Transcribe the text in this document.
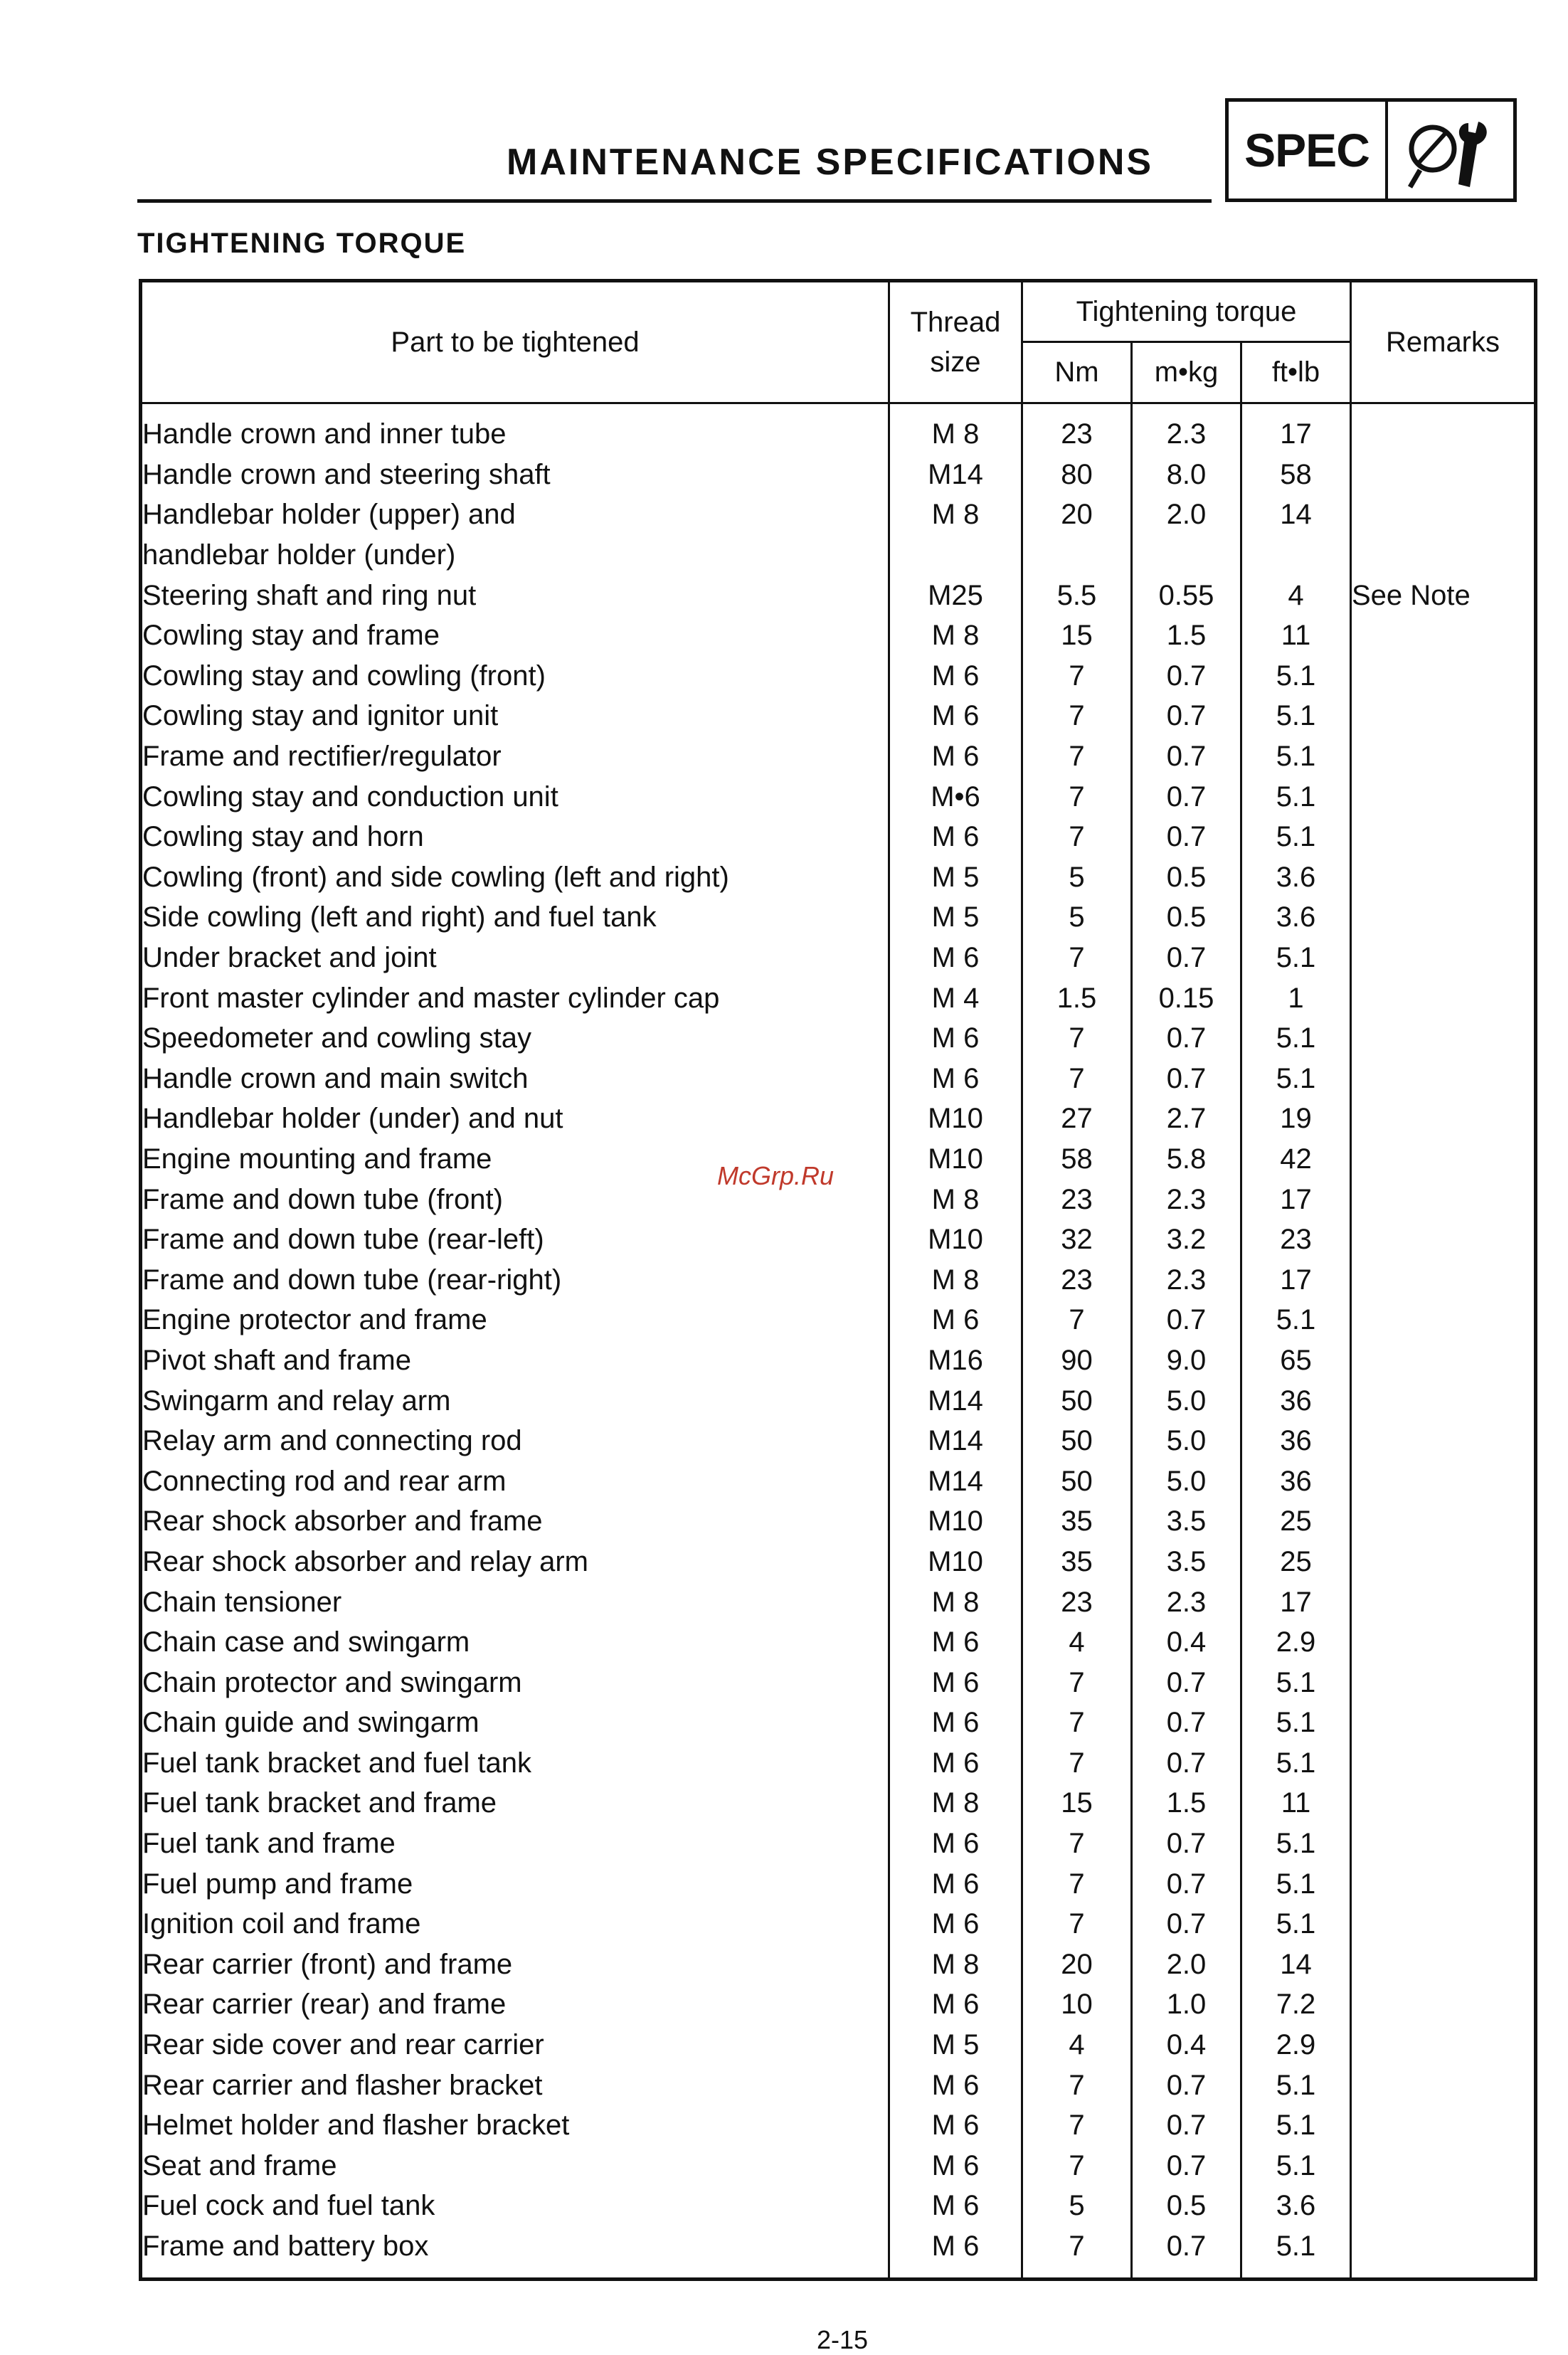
MAINTENANCE SPECIFICATIONS	SPEC
TIGHTENING TORQUE
Part to be tightened	Thread size	Tightening torque			Remarks
		Nm	m•kg	ft•lb	
Handle crown and inner tube	M 8	23	2.3	17	
Handle crown and steering shaft	M14	80	8.0	58	
Handlebar holder (upper) and	M 8	20	2.0	14	
handlebar holder (under)					
Steering shaft and ring nut	M25	5.5	0.55	4	See Note
Cowling stay and frame	M 8	15	1.5	11	
Cowling stay and cowling (front)	M 6	7	0.7	5.1	
Cowling stay and ignitor unit	M 6	7	0.7	5.1	
Frame and rectifier/regulator	M 6	7	0.7	5.1	
Cowling stay and conduction unit	M•6	7	0.7	5.1	
Cowling stay and horn	M 6	7	0.7	5.1	
Cowling (front) and side cowling (left and right)	M 5	5	0.5	3.6	
Side cowling (left and right) and fuel tank	M 5	5	0.5	3.6	
Under bracket and joint	M 6	7	0.7	5.1	
Front master cylinder and master cylinder cap	M 4	1.5	0.15	1	
Speedometer and cowling stay	M 6	7	0.7	5.1	
Handle crown and main switch	M 6	7	0.7	5.1	
Handlebar holder (under) and nut	M10	27	2.7	19	
Engine mounting and frame	M10	58	5.8	42	
Frame and down tube (front)	M 8	23	2.3	17	
Frame and down tube (rear-left)	M10	32	3.2	23	
Frame and down tube (rear-right)	M 8	23	2.3	17	
Engine protector and frame	M 6	7	0.7	5.1	
Pivot shaft and frame	M16	90	9.0	65	
Swingarm and relay arm	M14	50	5.0	36	
Relay arm and connecting rod	M14	50	5.0	36	
Connecting rod and rear arm	M14	50	5.0	36	
Rear shock absorber and frame	M10	35	3.5	25	
Rear shock absorber and relay arm	M10	35	3.5	25	
Chain tensioner	M 8	23	2.3	17	
Chain case and swingarm	M 6	4	0.4	2.9	
Chain protector and swingarm	M 6	7	0.7	5.1	
Chain guide and swingarm	M 6	7	0.7	5.1	
Fuel tank bracket and fuel tank	M 6	7	0.7	5.1	
Fuel tank bracket and frame	M 8	15	1.5	11	
Fuel tank and frame	M 6	7	0.7	5.1	
Fuel pump and frame	M 6	7	0.7	5.1	
Ignition coil and frame	M 6	7	0.7	5.1	
Rear carrier (front) and frame	M 8	20	2.0	14	
Rear carrier (rear) and frame	M 6	10	1.0	7.2	
Rear side cover and rear carrier	M 5	4	0.4	2.9	
Rear carrier and flasher bracket	M 6	7	0.7	5.1	
Helmet holder and flasher bracket	M 6	7	0.7	5.1	
Seat and frame	M 6	7	0.7	5.1	
Fuel cock and fuel tank	M 6	5	0.5	3.6	
Frame and battery box	M 6	7	0.7	5.1	
McGrp.Ru
2-15
